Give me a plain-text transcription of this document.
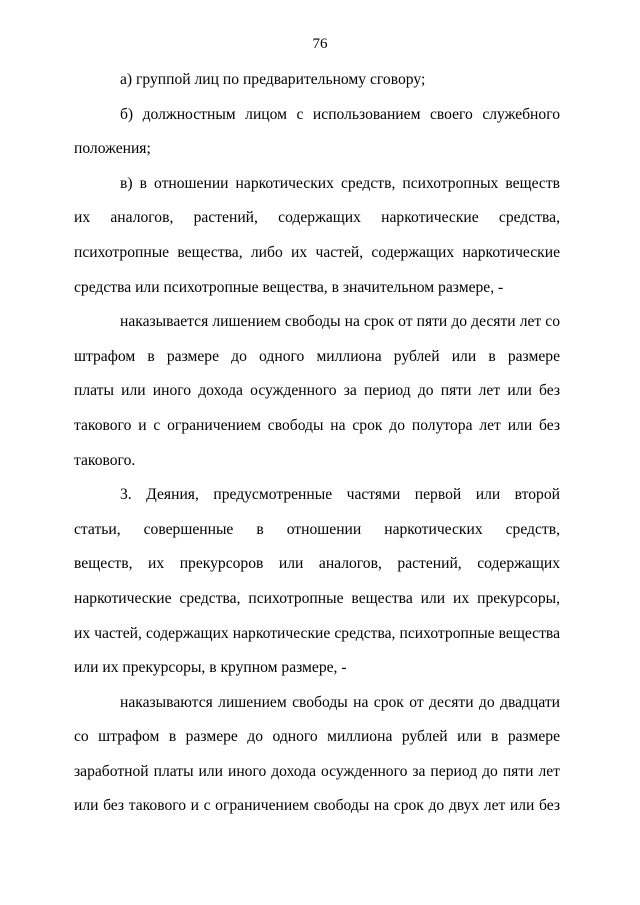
76
а) группой лиц по предварительному сговору;
б) должностным лицом с использованием своего служебного
положения;
в) в отношении наркотических средств, психотропных веществ
их аналогов, растений, содержащих наркотические средства,
психотропные вещества, либо их частей, содержащих наркотические
средства или психотропные вещества, в значительном размере, -
наказывается лишением свободы на срок от пяти до десяти лет со
штрафом в размере до одного миллиона рублей или в размере
платы или иного дохода осужденного за период до пяти лет или без
такового и с ограничением свободы на срок до полутора лет или без
такового.
3. Деяния, предусмотренные частями первой или второй
статьи, совершенные в отношении наркотических средств,
веществ, их прекурсоров или аналогов, растений, содержащих
наркотические средства, психотропные вещества или их прекурсоры,
их частей, содержащих наркотические средства, психотропные вещества
или их прекурсоры, в крупном размере, -
наказываются лишением свободы на срок от десяти до двадцати
со штрафом в размере до одного миллиона рублей или в размере
заработной платы или иного дохода осужденного за период до пяти лет
или без такового и с ограничением свободы на срок до двух лет или без
